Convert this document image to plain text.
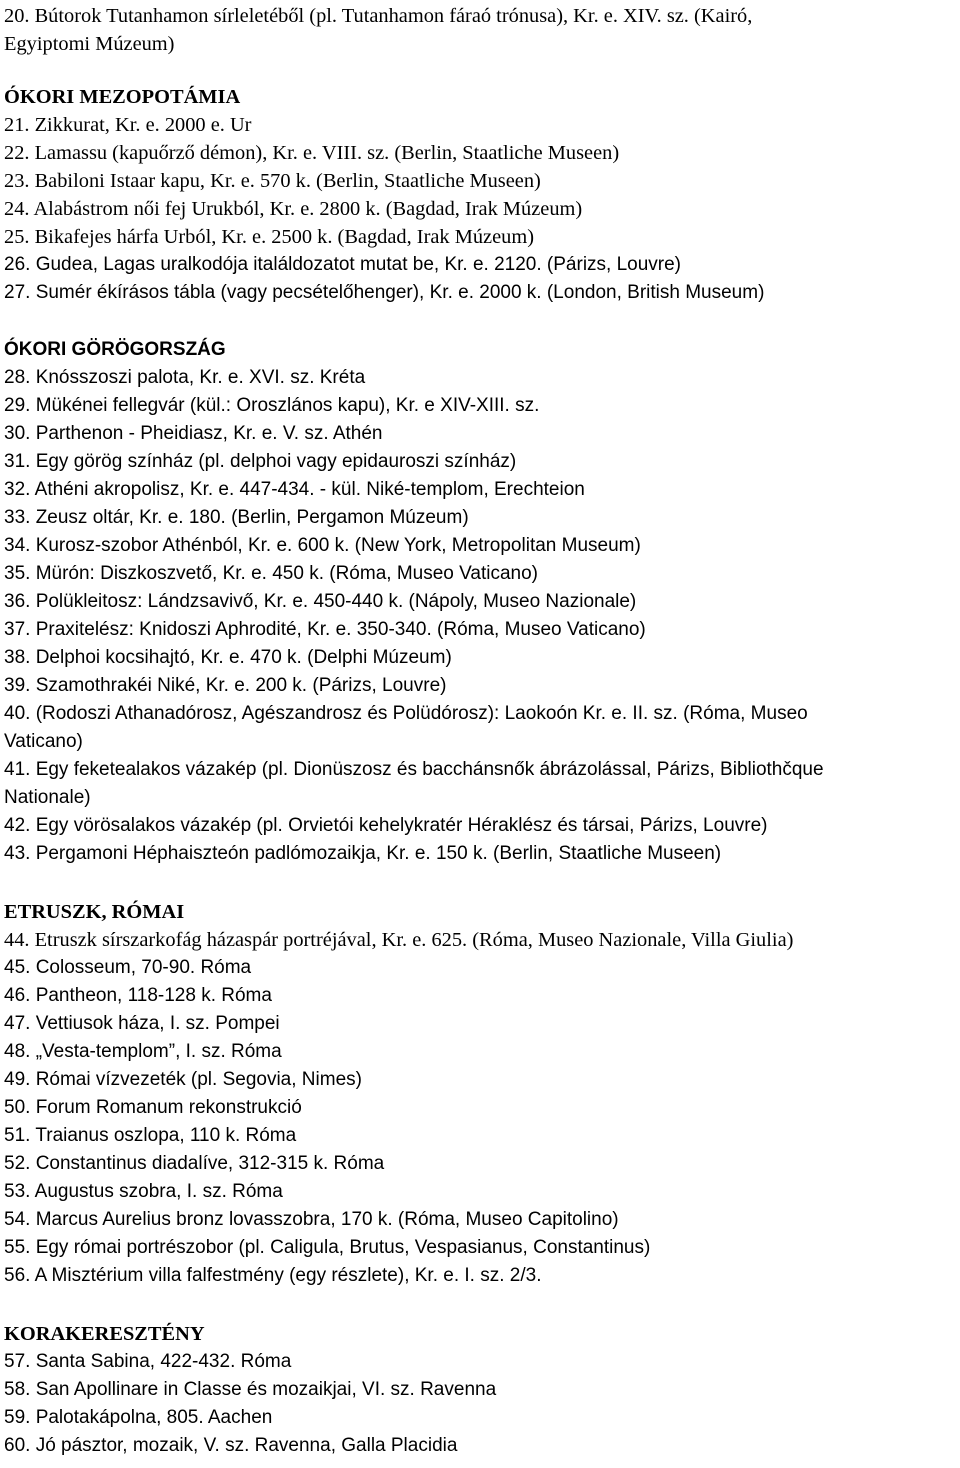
20. Bútorok Tutanhamon sírleletéből (pl. Tutanhamon fáraó trónusa), Kr. e. XIV. sz. (Kairó,
Egyiptomi Múzeum)
ÓKORI MEZOPOTÁMIA
21. Zikkurat, Kr. e. 2000 e. Ur
22. Lamassu (kapuőrző démon), Kr. e. VIII. sz. (Berlin, Staatliche Museen)
23. Babiloni Istaar kapu, Kr. e. 570 k. (Berlin, Staatliche Museen)
24. Alabástrom női fej Urukból, Kr. e. 2800 k. (Bagdad, Irak Múzeum)
25. Bikafejes hárfa Urból, Kr. e. 2500 k. (Bagdad, Irak Múzeum)
26. Gudea, Lagas uralkodója italáldozatot mutat be, Kr. e. 2120. (Párizs, Louvre)
27. Sumér ékírásos tábla (vagy pecsételőhenger), Kr. e. 2000 k. (London, British Museum)
ÓKORI GÖRÖGORSZÁG
28. Knósszoszi palota, Kr. e. XVI. sz. Kréta
29. Mükénei fellegvár (kül.: Oroszlános kapu), Kr. e XIV-XIII. sz.
30. Parthenon - Pheidiasz, Kr. e. V. sz. Athén
31. Egy görög színház (pl. delphoi vagy epidauroszi színház)
32. Athéni akropolisz, Kr. e. 447-434. - kül. Niké-templom, Erechteion
33. Zeusz oltár, Kr. e. 180. (Berlin, Pergamon Múzeum)
34. Kurosz-szobor Athénból, Kr. e. 600 k. (New York, Metropolitan Museum)
35. Mürón: Diszkoszvető, Kr. e. 450 k. (Róma, Museo Vaticano)
36. Polükleitosz: Lándzsavivő, Kr. e. 450-440 k. (Nápoly, Museo Nazionale)
37. Praxitelész: Knidoszi Aphrodité, Kr. e. 350-340. (Róma, Museo Vaticano)
38. Delphoi kocsihajtó, Kr. e. 470 k. (Delphi Múzeum)
39. Szamothrakéi Niké, Kr. e. 200 k. (Párizs, Louvre)
40. (Rodoszi Athanadórosz, Agészandrosz és Polüdórosz): Laokoón Kr. e. II. sz. (Róma, Museo
Vaticano)
41. Egy feketealakos vázakép (pl. Dionüszosz és bacchánsnők ábrázolással, Párizs, Bibliothčque
Nationale)
42. Egy vörösalakos vázakép (pl. Orvietói kehelykratér Héraklész és társai, Párizs, Louvre)
43. Pergamoni Héphaiszteón padlómozaikja, Kr. e. 150 k. (Berlin, Staatliche Museen)
ETRUSZK, RÓMAI
44. Etruszk sírszarkofág házaspár portréjával, Kr. e. 625. (Róma, Museo Nazionale, Villa Giulia)
45. Colosseum, 70-90. Róma
46. Pantheon, 118-128 k. Róma
47. Vettiusok háza, I. sz. Pompei
48. „Vesta-templom”, I. sz. Róma
49. Római vízvezeték (pl. Segovia, Nimes)
50. Forum Romanum rekonstrukció
51. Traianus oszlopa, 110 k. Róma
52. Constantinus diadalíve, 312-315 k. Róma
53. Augustus szobra, I. sz. Róma
54. Marcus Aurelius bronz lovasszobra, 170 k. (Róma, Museo Capitolino)
55. Egy római portrészobor (pl. Caligula, Brutus, Vespasianus, Constantinus)
56. A Misztérium villa falfestmény (egy részlete), Kr. e. I. sz. 2/3.
KORAKERESZTÉNY
57. Santa Sabina, 422-432. Róma
58. San Apollinare in Classe és mozaikjai, VI. sz. Ravenna
59. Palotakápolna, 805. Aachen
60. Jó pásztor, mozaik, V. sz. Ravenna, Galla Placidia
